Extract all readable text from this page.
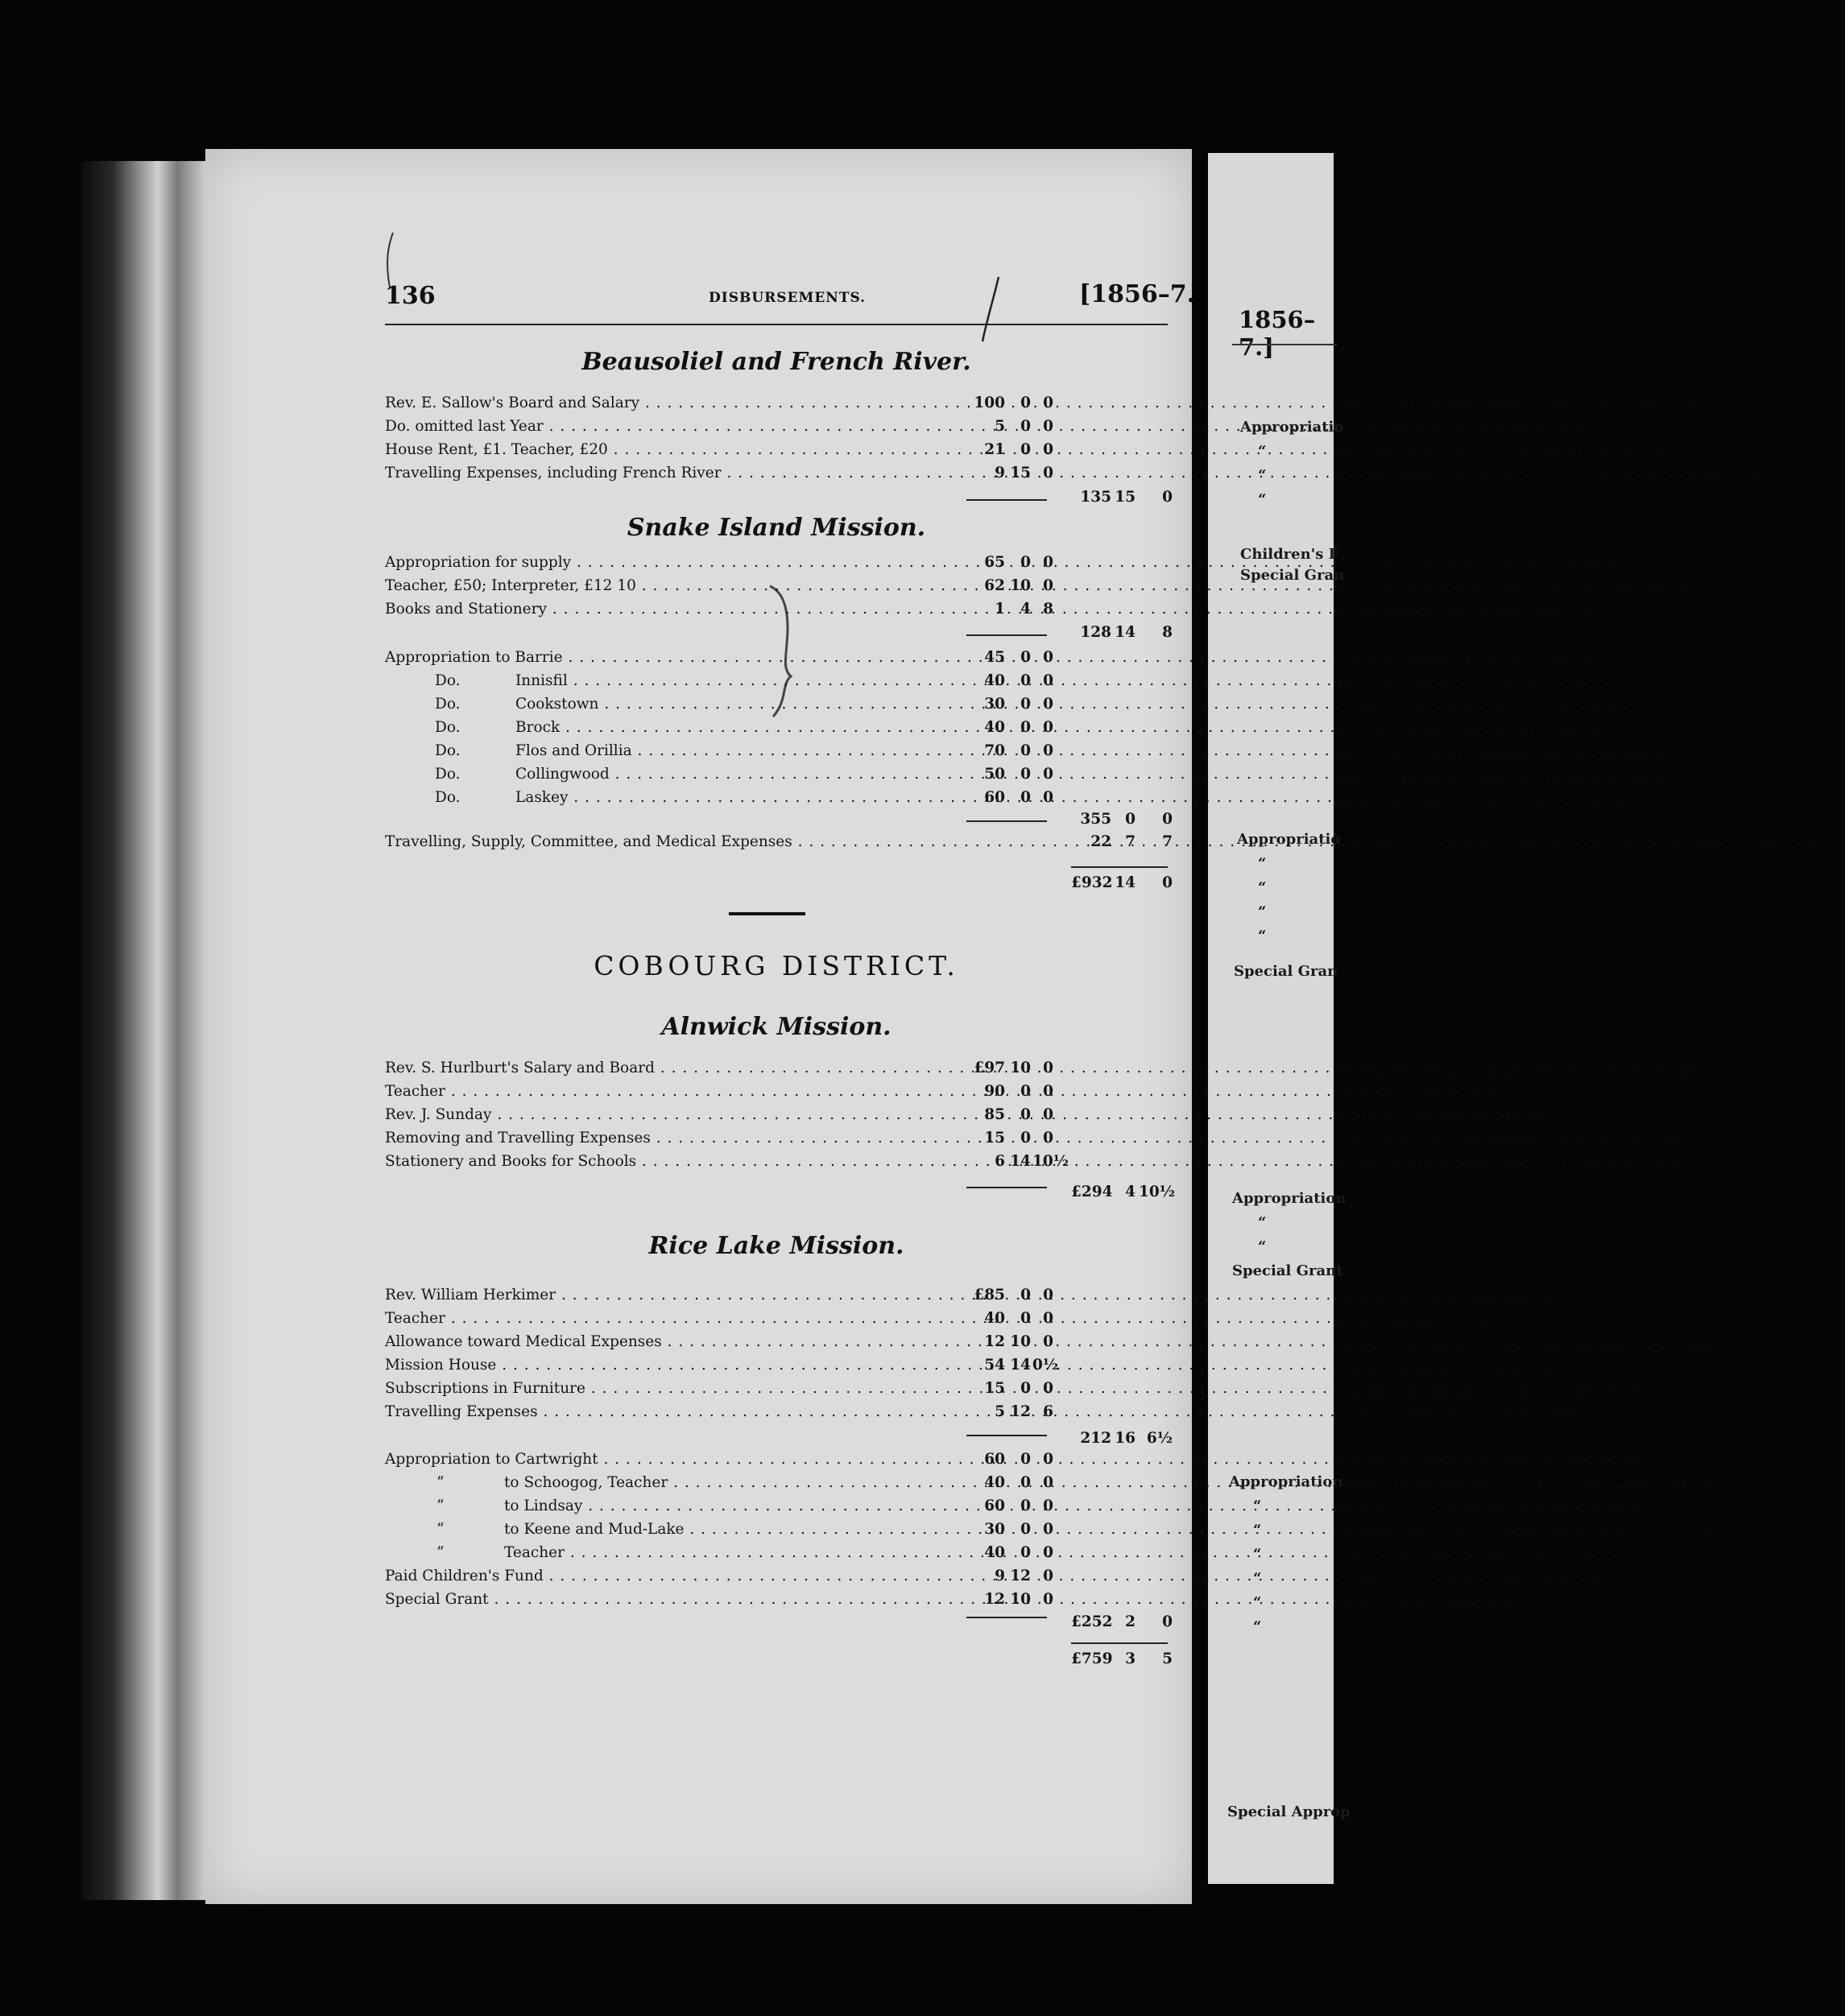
1856–7.]
Appropriatio
“
“
“
Children's F
Special Gran
Appropriatio
“
“
“
“
Special Gran
Appropriation
“
“
Special Grant
Appropriation
“
“
“
“
“
“
Special Approp
136	DISBURSEMENTS.	[1856–7.
Beausoliel and French River.
Rev. E. Sallow's Board and Salary . . .	100	0 0
Do. omitted last Year . . .	5	0 0
House Rent, £1. Teacher, £20 . . .	21	0 0
Travelling Expenses, including French River . . .	9 15 0
135 15	0
Snake Island Mission.
Appropriation for supply . . .	65	0 0
Teacher, £50; Interpreter, £12 10 . . .	62 10 0
Books and Stationery . . .	1	4 8
128 14	8
Appropriation to Barrie . . .	45	0 0
Do.	Innisfil . . .	40	0 0
Do.	Cookstown . . .	30	0 0
Do.	Brock . . .	40	0 0
Do.	Flos and Orillia . . .	70	0 0
Do.	Collingwood . . .	50	0 0
Do.	Laskey . . .	60	0 0
355 0	0
Travelling, Supply, Committee, and Medical Expenses . . .	22 7	7
£932 14	0
COBOURG DISTRICT.
Alnwick Mission.
Rev. S. Hurlburt's Salary and Board . . .	£97 10 0
Teacher . . .	90	0 0
Rev. J. Sunday . . .	85	0 0
Removing and Travelling Expenses . . .	15	0 0
Stationery and Books for Schools . . .	6 14 10½
£294 4 10½
Rice Lake Mission.
Rev. William Herkimer . . .	£85	0 0
Teacher . . .	40	0 0
Allowance toward Medical Expenses . . .	12 10 0
Mission House . . .	54 14 0½
Subscriptions in Furniture . . .	15	0 0
Travelling Expenses . . .	5 12 6
212 16 6½
Appropriation to Cartwright . . .	60	0 0
“	to Schoogog, Teacher . . .	40	0 0
“	to Lindsay . . .	60	0 0
“	to Keene and Mud-Lake . . .	30	0 0
“	Teacher . . .	40	0 0
Paid Children's Fund . . .	9 12 0
Special Grant . . .	12 10 0
£252 2	0
£759 3	5
